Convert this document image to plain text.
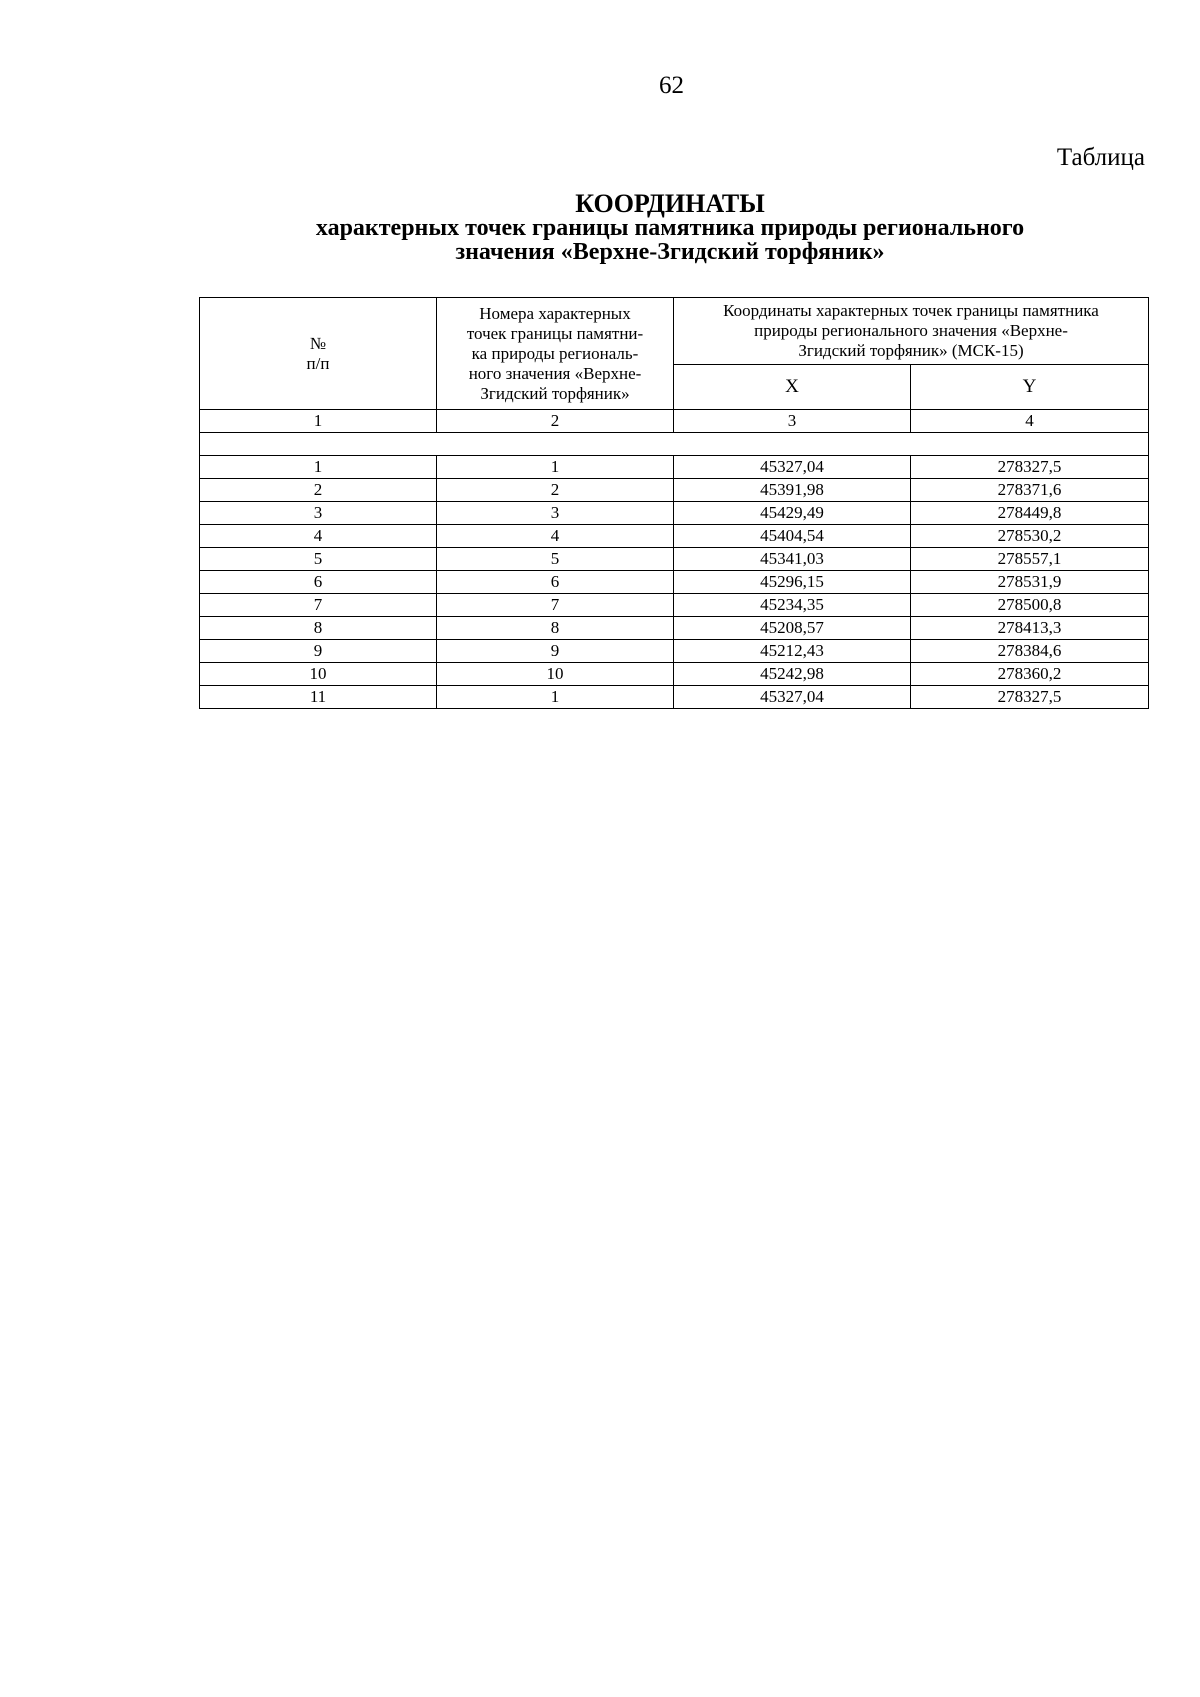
62
Таблица
КООРДИНАТЫ
характерных точек границы памятника природы регионального
значения «Верхне-Згидский торфяник»
№
п/п	Номера характерных
точек границы памятни-
ка природы региональ-
ного значения «Верхне-
Згидский торфяник»	Координаты характерных точек границы памятника
природы регионального значения «Верхне-
Згидский торфяник» (МСК-15)	
		X	Y
1	2	3	4

1	1	45327,04	278327,5
2	2	45391,98	278371,6
3	3	45429,49	278449,8
4	4	45404,54	278530,2
5	5	45341,03	278557,1
6	6	45296,15	278531,9
7	7	45234,35	278500,8
8	8	45208,57	278413,3
9	9	45212,43	278384,6
10	10	45242,98	278360,2
11	1	45327,04	278327,5
